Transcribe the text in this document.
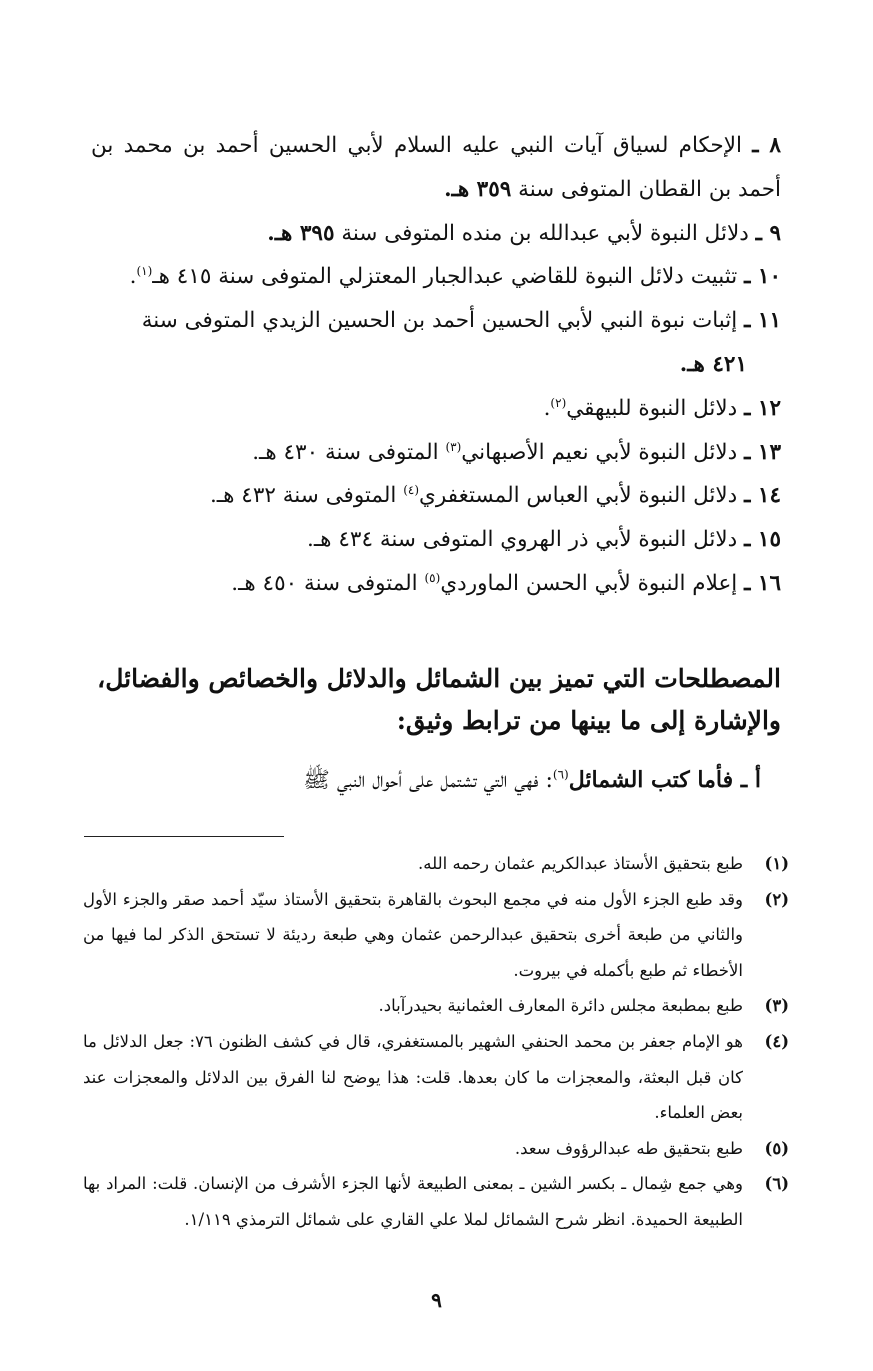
٨ ـ الإحكام لسياق آيات النبي عليه السلام لأبي الحسين أحمد بن محمد بن أحمد بن القطان المتوفى سنة ٣٥٩ هـ.
٩ ـ دلائل النبوة لأبي عبدالله بن منده المتوفى سنة ٣٩٥ هـ.
١٠ ـ تثبيت دلائل النبوة للقاضي عبدالجبار المعتزلي المتوفى سنة ٤١٥ هـ$^{(١)}$.
١١ ـ إثبات نبوة النبي لأبي الحسين أحمد بن الحسين الزيدي المتوفى سنة
٤٢١ هـ.
١٢ ـ دلائل النبوة للبيهقي$^{(٢)}$.
١٣ ـ دلائل النبوة لأبي نعيم الأصبهاني$^{(٣)}$ المتوفى سنة ٤٣٠ هـ.
١٤ ـ دلائل النبوة لأبي العباس المستغفري$^{(٤)}$ المتوفى سنة ٤٣٢ هـ.
١٥ ـ دلائل النبوة لأبي ذر الهروي المتوفى سنة ٤٣٤ هـ.
١٦ ـ إعلام النبوة لأبي الحسن الماوردي$^{(٥)}$ المتوفى سنة ٤٥٠ هـ.
المصطلحات التي تميز بين الشمائل والدلائل والخصائص والفضائل،
والإشارة إلى ما بينها من ترابط وثيق:

أ ـ فأما كتب الشمائل$^{(٦)}$: فهي التي تشتمل على أحوال النبي ﷺ

(١)
طبع بتحقيق الأستاذ عبدالكريم عثمان رحمه الله.
(٢)
وقد طبع الجزء الأول منه في مجمع البحوث بالقاهرة بتحقيق الأستاذ سيّد أحمد صقر والجزء الأول والثاني من طبعة أخرى بتحقيق عبدالرحمن عثمان وهي طبعة رديئة لا تستحق الذكر لما فيها من الأخطاء ثم طبع بأكمله في بيروت.
(٣)
طبع بمطبعة مجلس دائرة المعارف العثمانية بحيدرآباد.
(٤)
هو الإمام جعفر بن محمد الحنفي الشهير بالمستغفري، قال في كشف الظنون ٧٦: جعل الدلائل ما كان قبل البعثة، والمعجزات ما كان بعدها. قلت: هذا يوضح لنا الفرق بين الدلائل والمعجزات عند بعض العلماء.
(٥)
طبع بتحقيق طه عبدالرؤوف سعد.
(٦)
وهي جمع شِمال ـ بكسر الشين ـ بمعنى الطبيعة لأنها الجزء الأشرف من الإنسان. قلت: المراد بها الطبيعة الحميدة. انظر شرح الشمائل لملا علي القاري على شمائل الترمذي ١/١١٩.
٩
